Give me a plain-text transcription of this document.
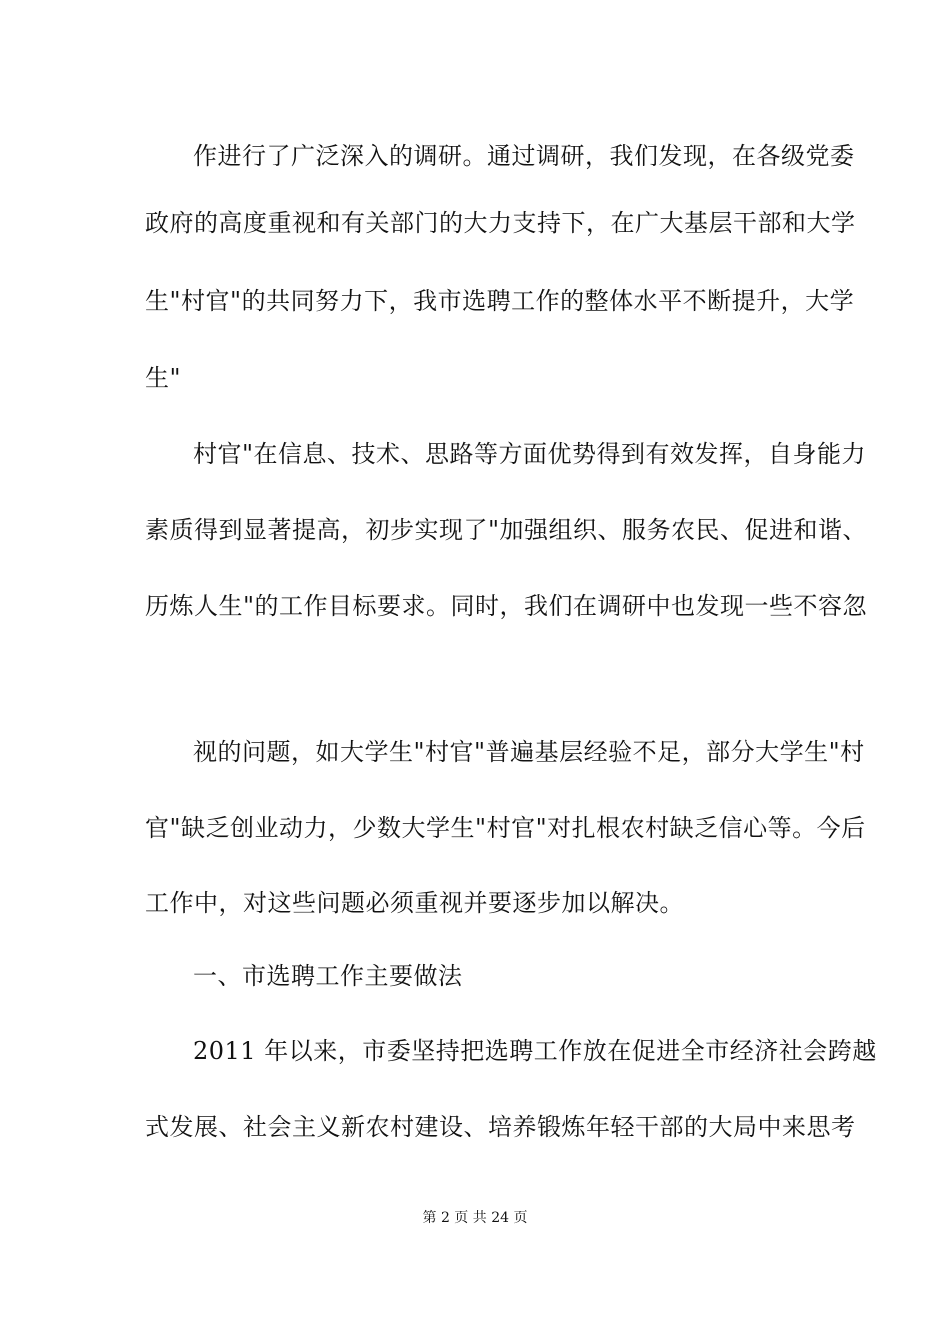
作进行了广泛深入的调研。通过调研，我们发现，在各级党委
政府的高度重视和有关部门的大力支持下，在广大基层干部和大学
生"村官"的共同努力下，我市选聘工作的整体水平不断提升，大学
生"
村官"在信息、技术、思路等方面优势得到有效发挥，自身能力
素质得到显著提高，初步实现了"加强组织、服务农民、促进和谐、
历炼人生"的工作目标要求。同时，我们在调研中也发现一些不容忽
视的问题，如大学生"村官"普遍基层经验不足，部分大学生"村
官"缺乏创业动力，少数大学生"村官"对扎根农村缺乏信心等。今后
工作中，对这些问题必须重视并要逐步加以解决。
一、市选聘工作主要做法
2011 年以来，市委坚持把选聘工作放在促进全市经济社会跨越
式发展、社会主义新农村建设、培养锻炼年轻干部的大局中来思考
第 2 页 共 24 页
